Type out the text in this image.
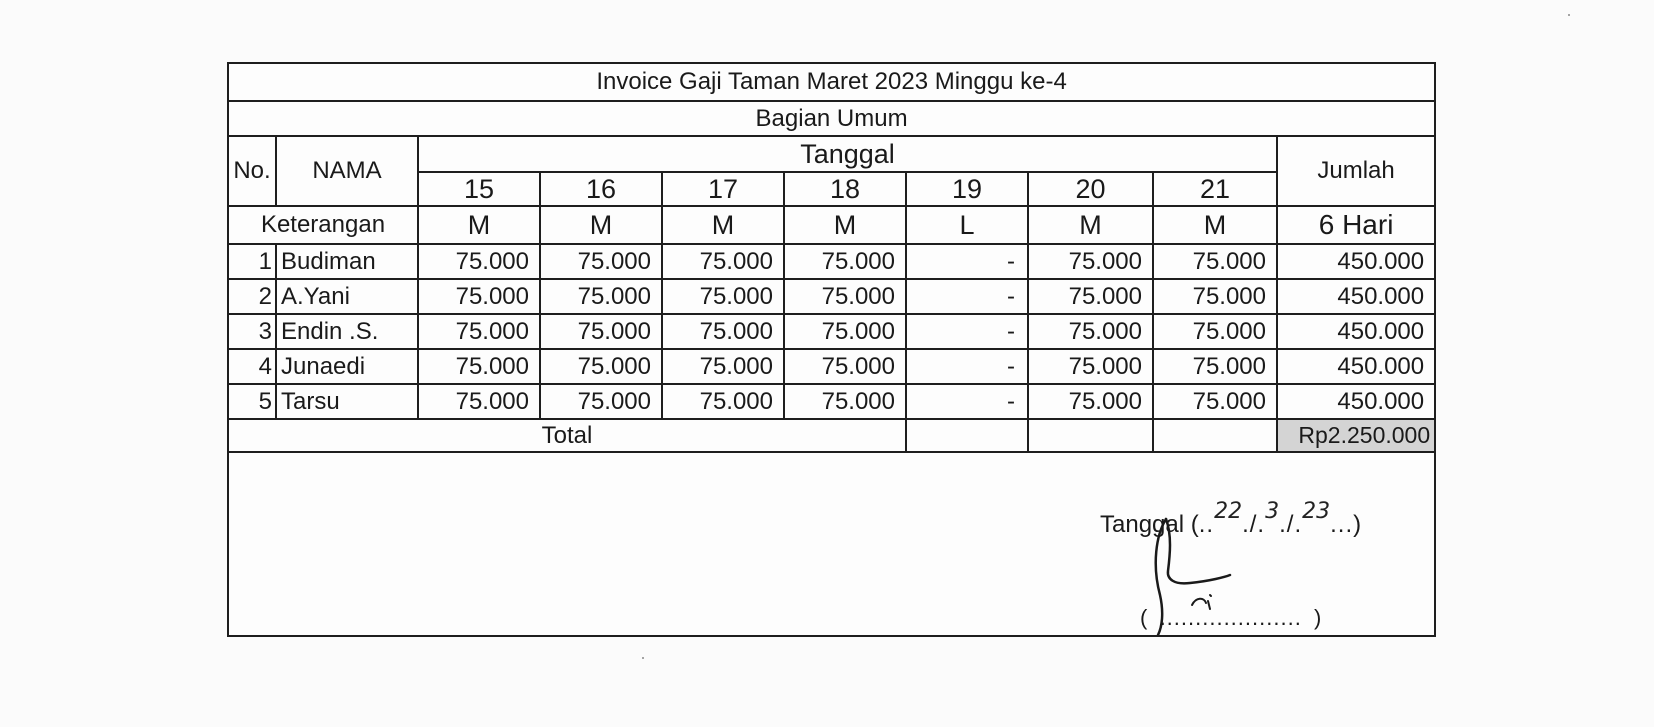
Invoice Gaji Taman Maret 2023 Minggu ke-4									
Bagian Umum									
No.	NAMA	Tanggal							Jumlah
		15	16	17	18	19	20	21	
Keterangan		M	M	M	M	L	M	M	6 Hari
1	Budiman	75.000	75.000	75.000	75.000	-	75.000	75.000	450.000
2	A.Yani	75.000	75.000	75.000	75.000	-	75.000	75.000	450.000
3	Endin .S.	75.000	75.000	75.000	75.000	-	75.000	75.000	450.000
4	Junaedi	75.000	75.000	75.000	75.000	-	75.000	75.000	450.000
5	Tarsu	75.000	75.000	75.000	75.000	-	75.000	75.000	450.000
Total									Rp2.250.000
Tanggal (..22./.3./.23...)
(  ....................  )
